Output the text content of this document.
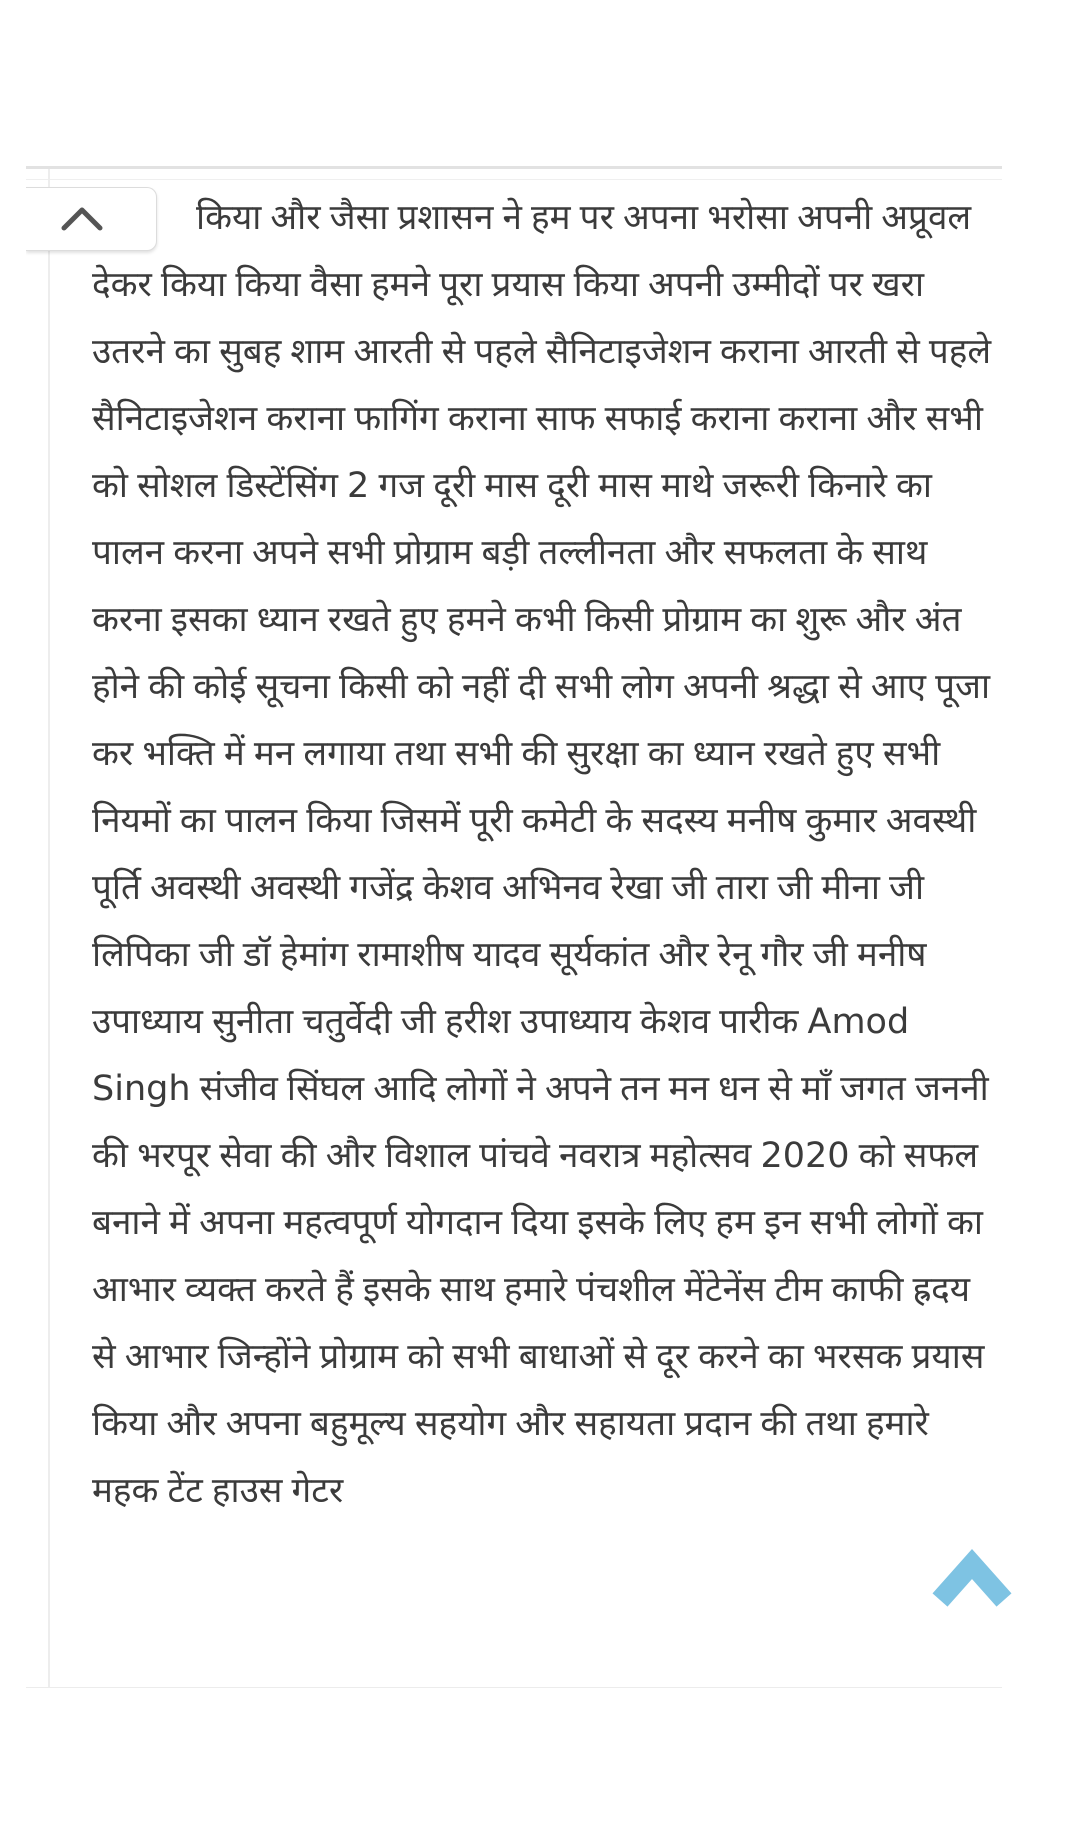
किया और जैसा प्रशासन ने हम पर अपना भरोसा अपनी अप्रूवल देकर किया किया वैसा हमने पूरा प्रयास किया अपनी उम्मीदों पर खरा उतरने का सुबह शाम आरती से पहले सैनिटाइजेशन कराना आरती से पहले सैनिटाइजेशन कराना फागिंग कराना साफ सफाई कराना कराना और सभी को सोशल डिस्टेंसिंग 2 गज दूरी मास दूरी मास माथे जरूरी किनारे का पालन करना अपने सभी प्रोग्राम बड़ी तल्लीनता और सफलता के साथ करना इसका ध्यान रखते हुए हमने कभी किसी प्रोग्राम का शुरू और अंत होने की कोई सूचना किसी को नहीं दी सभी लोग अपनी श्रद्धा से आए पूजा कर भक्ति में मन लगाया तथा सभी की सुरक्षा का ध्यान रखते हुए सभी नियमों का पालन किया जिसमें पूरी कमेटी के सदस्य मनीष कुमार अवस्थी पूर्ति अवस्थी अवस्थी गजेंद्र केशव अभिनव रेखा जी तारा जी मीना जी लिपिका जी डॉ हेमांग रामाशीष यादव सूर्यकांत और रेनू गौर जी मनीष उपाध्याय सुनीता चतुर्वेदी जी हरीश उपाध्याय केशव पारीक Amod Singh संजीव सिंघल आदि लोगों ने अपने तन मन धन से माँ जगत जननी की भरपूर सेवा की और विशाल पांचवे नवरात्र महोत्सव 2020 को सफल बनाने में अपना महत्वपूर्ण योगदान दिया इसके लिए हम इन सभी लोगों का आभार व्यक्त करते हैं इसके साथ हमारे पंचशील मेंटेनेंस टीम काफी ह्रदय से आभार जिन्होंने प्रोग्राम को सभी बाधाओं से दूर करने का भरसक प्रयास किया और अपना बहुमूल्य सहयोग और सहायता प्रदान की तथा हमारे महक टेंट हाउस गेटर
